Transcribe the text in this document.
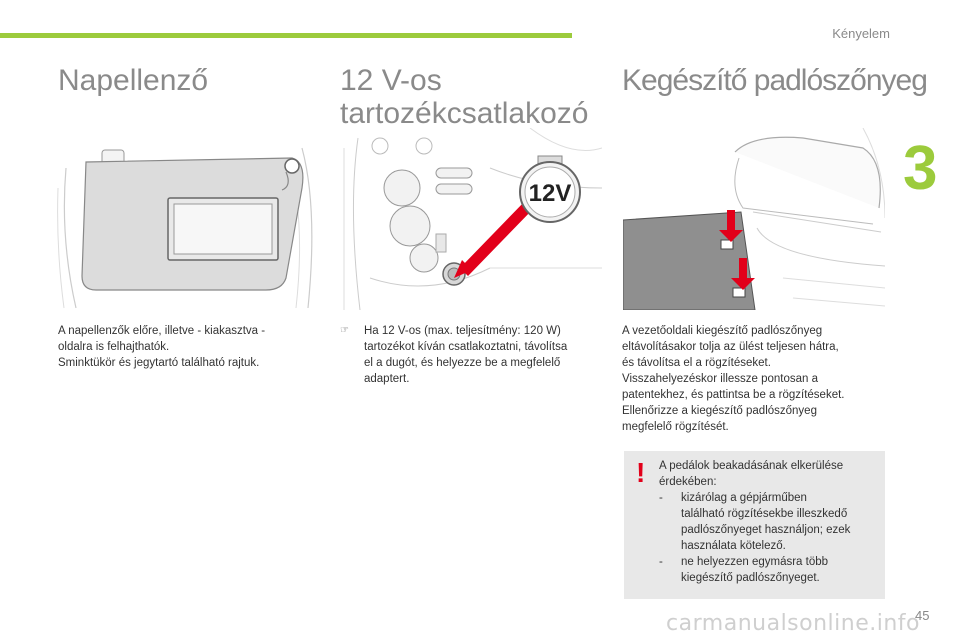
Kényelem
3
Napellenző
A napellenzők előre, illetve - kiakasztva -
oldalra is felhajthatók.
Sminktükör és jegytartó található rajtuk.
12 V-os
tartozékcsatlakozó
12V
☞ Ha 12 V-os (max. teljesítmény: 120 W)
tartozékot kíván csatlakoztatni, távolítsa
el a dugót, és helyezze be a megfelelő
adaptert.
Kegészítő padlószőnyeg
A vezetőoldali kiegészítő padlószőnyeg
eltávolításakor tolja az ülést teljesen hátra,
és távolítsa el a rögzítéseket.
Visszahelyezéskor illessze pontosan a
patentekhez, és pattintsa be a rögzítéseket.
Ellenőrizze a kiegészítő padlószőnyeg
megfelelő rögzítését.
! A pedálok beakadásának elkerülése
érdekében:
- kizárólag a gépjárműben
található rögzítésekbe illeszkedő
padlószőnyeget használjon; ezek
használata kötelező.
- ne helyezzen egymásra több
kiegészítő padlószőnyeget.
45
carmanualsonline.info
